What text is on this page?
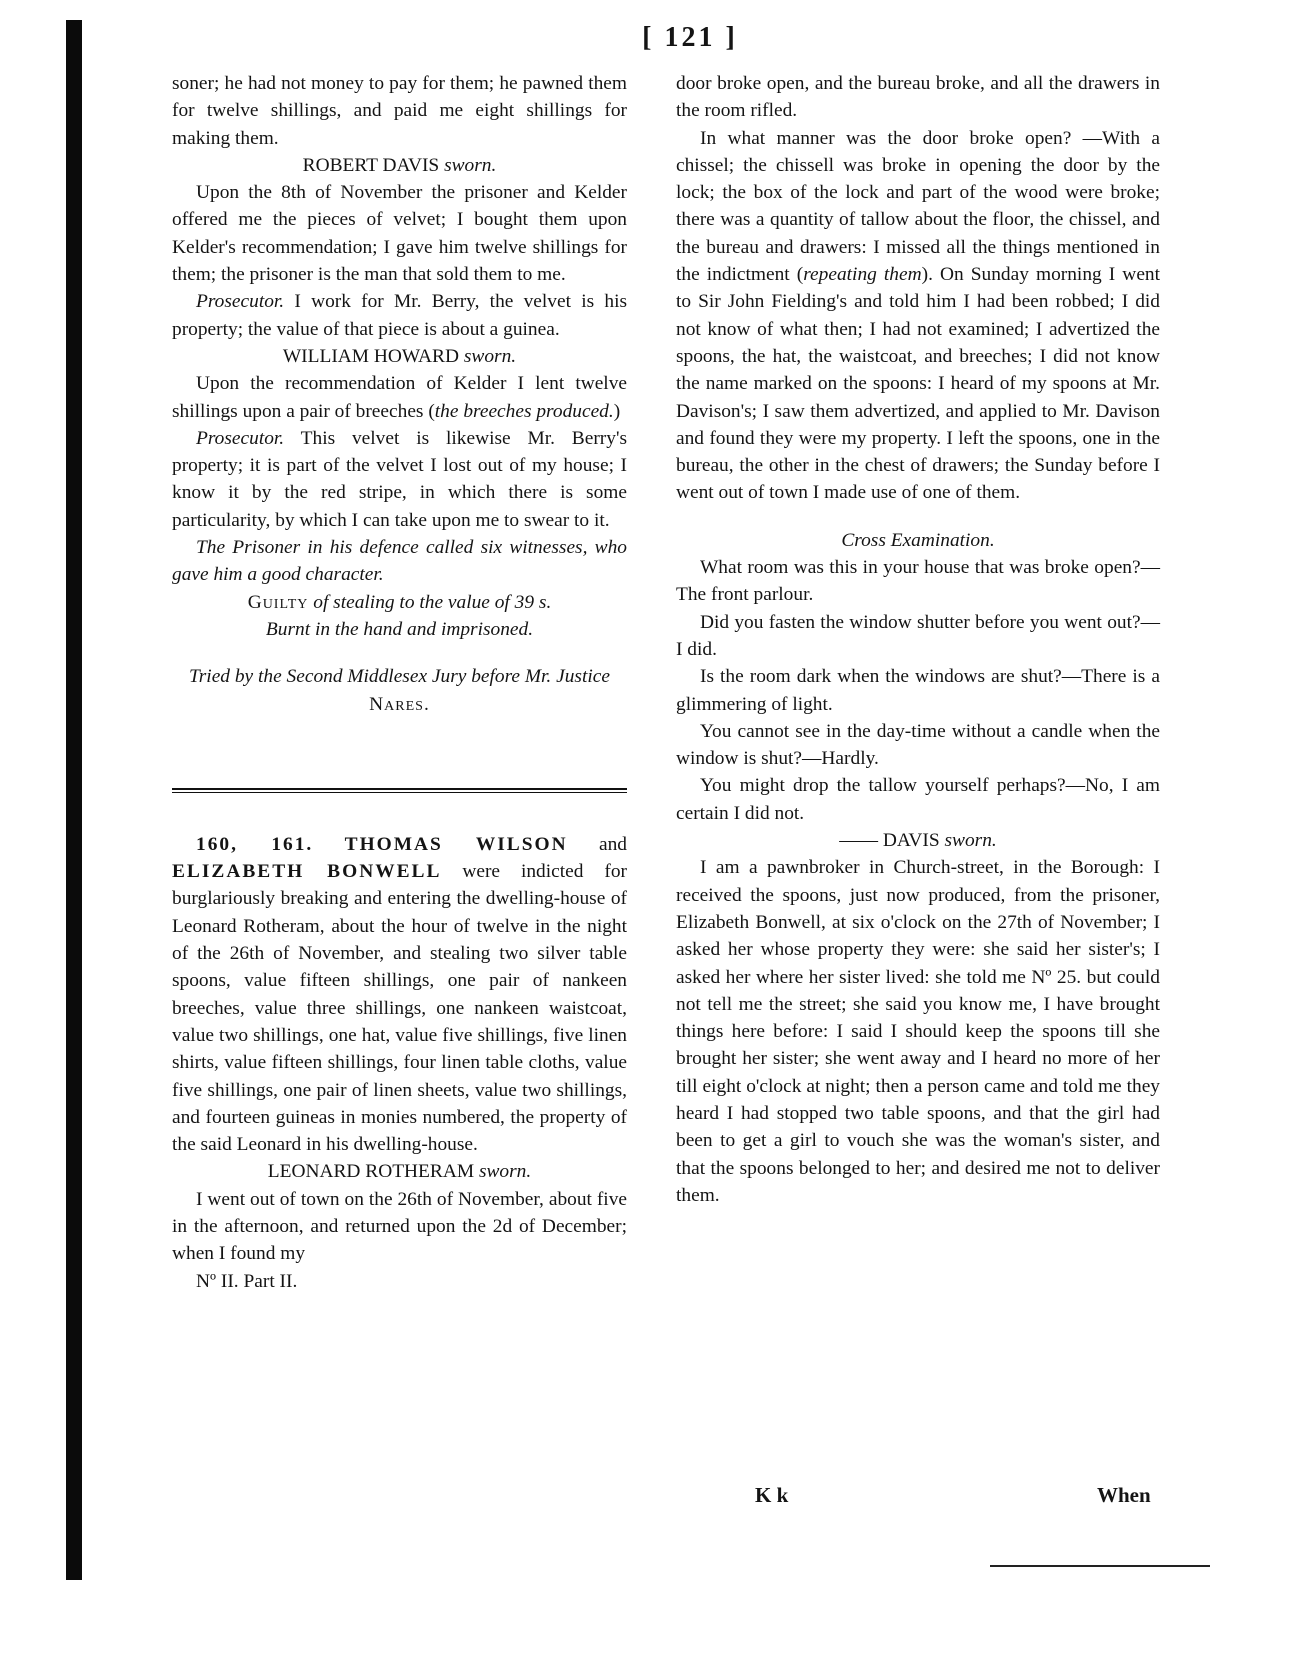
[ 121 ]

soner; he had not money to pay for them; he pawned them for twelve shillings, and paid me eight shillings for making them.

ROBERT DAVIS sworn.

Upon the 8th of November the prisoner and Kelder offered me the pieces of velvet; I bought them upon Kelder's recommendation; I gave him twelve shillings for them; the prisoner is the man that sold them to me.

Prosecutor. I work for Mr. Berry, the velvet is his property; the value of that piece is about a guinea.

WILLIAM HOWARD sworn.

Upon the recommendation of Kelder I lent twelve shillings upon a pair of breeches (the breeches produced.)

Prosecutor. This velvet is likewise Mr. Berry's property; it is part of the velvet I lost out of my house; I know it by the red stripe, in which there is some particularity, by which I can take upon me to swear to it.

The Prisoner in his defence called six witnesses, who gave him a good character.

Guilty of stealing to the value of 39 s.

Burnt in the hand and imprisoned.

Tried by the Second Middlesex Jury before Mr. Justice Nares.

160, 161. THOMAS WILSON and ELIZABETH BONWELL were indicted for burglariously breaking and entering the dwelling-house of Leonard Rotheram, about the hour of twelve in the night of the 26th of November, and stealing two silver table spoons, value fifteen shillings, one pair of nankeen breeches, value three shillings, one nankeen waistcoat, value two shillings, one hat, value five shillings, five linen shirts, value fifteen shillings, four linen table cloths, value five shillings, one pair of linen sheets, value two shillings, and fourteen guineas in monies numbered, the property of the said Leonard in his dwelling-house.

LEONARD ROTHERAM sworn.

I went out of town on the 26th of November, about five in the afternoon, and returned upon the 2d of December; when I found my

Nº II. Part II.

door broke open, and the bureau broke, and all the drawers in the room rifled.

In what manner was the door broke open? —With a chissel; the chissell was broke in opening the door by the lock; the box of the lock and part of the wood were broke; there was a quantity of tallow about the floor, the chissel, and the bureau and drawers: I missed all the things mentioned in the indictment (repeating them). On Sunday morning I went to Sir John Fielding's and told him I had been robbed; I did not know of what then; I had not examined; I advertized the spoons, the hat, the waistcoat, and breeches; I did not know the name marked on the spoons: I heard of my spoons at Mr. Davison's; I saw them advertized, and applied to Mr. Davison and found they were my property. I left the spoons, one in the bureau, the other in the chest of drawers; the Sunday before I went out of town I made use of one of them.

Cross Examination.

What room was this in your house that was broke open?—The front parlour.

Did you fasten the window shutter before you went out?—I did.

Is the room dark when the windows are shut?—There is a glimmering of light.

You cannot see in the day-time without a candle when the window is shut?—Hardly.

You might drop the tallow yourself perhaps?—No, I am certain I did not.

—— DAVIS sworn.

I am a pawnbroker in Church-street, in the Borough: I received the spoons, just now produced, from the prisoner, Elizabeth Bonwell, at six o'clock on the 27th of November; I asked her whose property they were: she said her sister's; I asked her where her sister lived: she told me Nº 25. but could not tell me the street; she said you know me, I have brought things here before: I said I should keep the spoons till she brought her sister; she went away and I heard no more of her till eight o'clock at night; then a person came and told me they heard I had stopped two table spoons, and that the girl had been to get a girl to vouch she was the woman's sister, and that the spoons belonged to her; and desired me not to deliver them.

K k	When
